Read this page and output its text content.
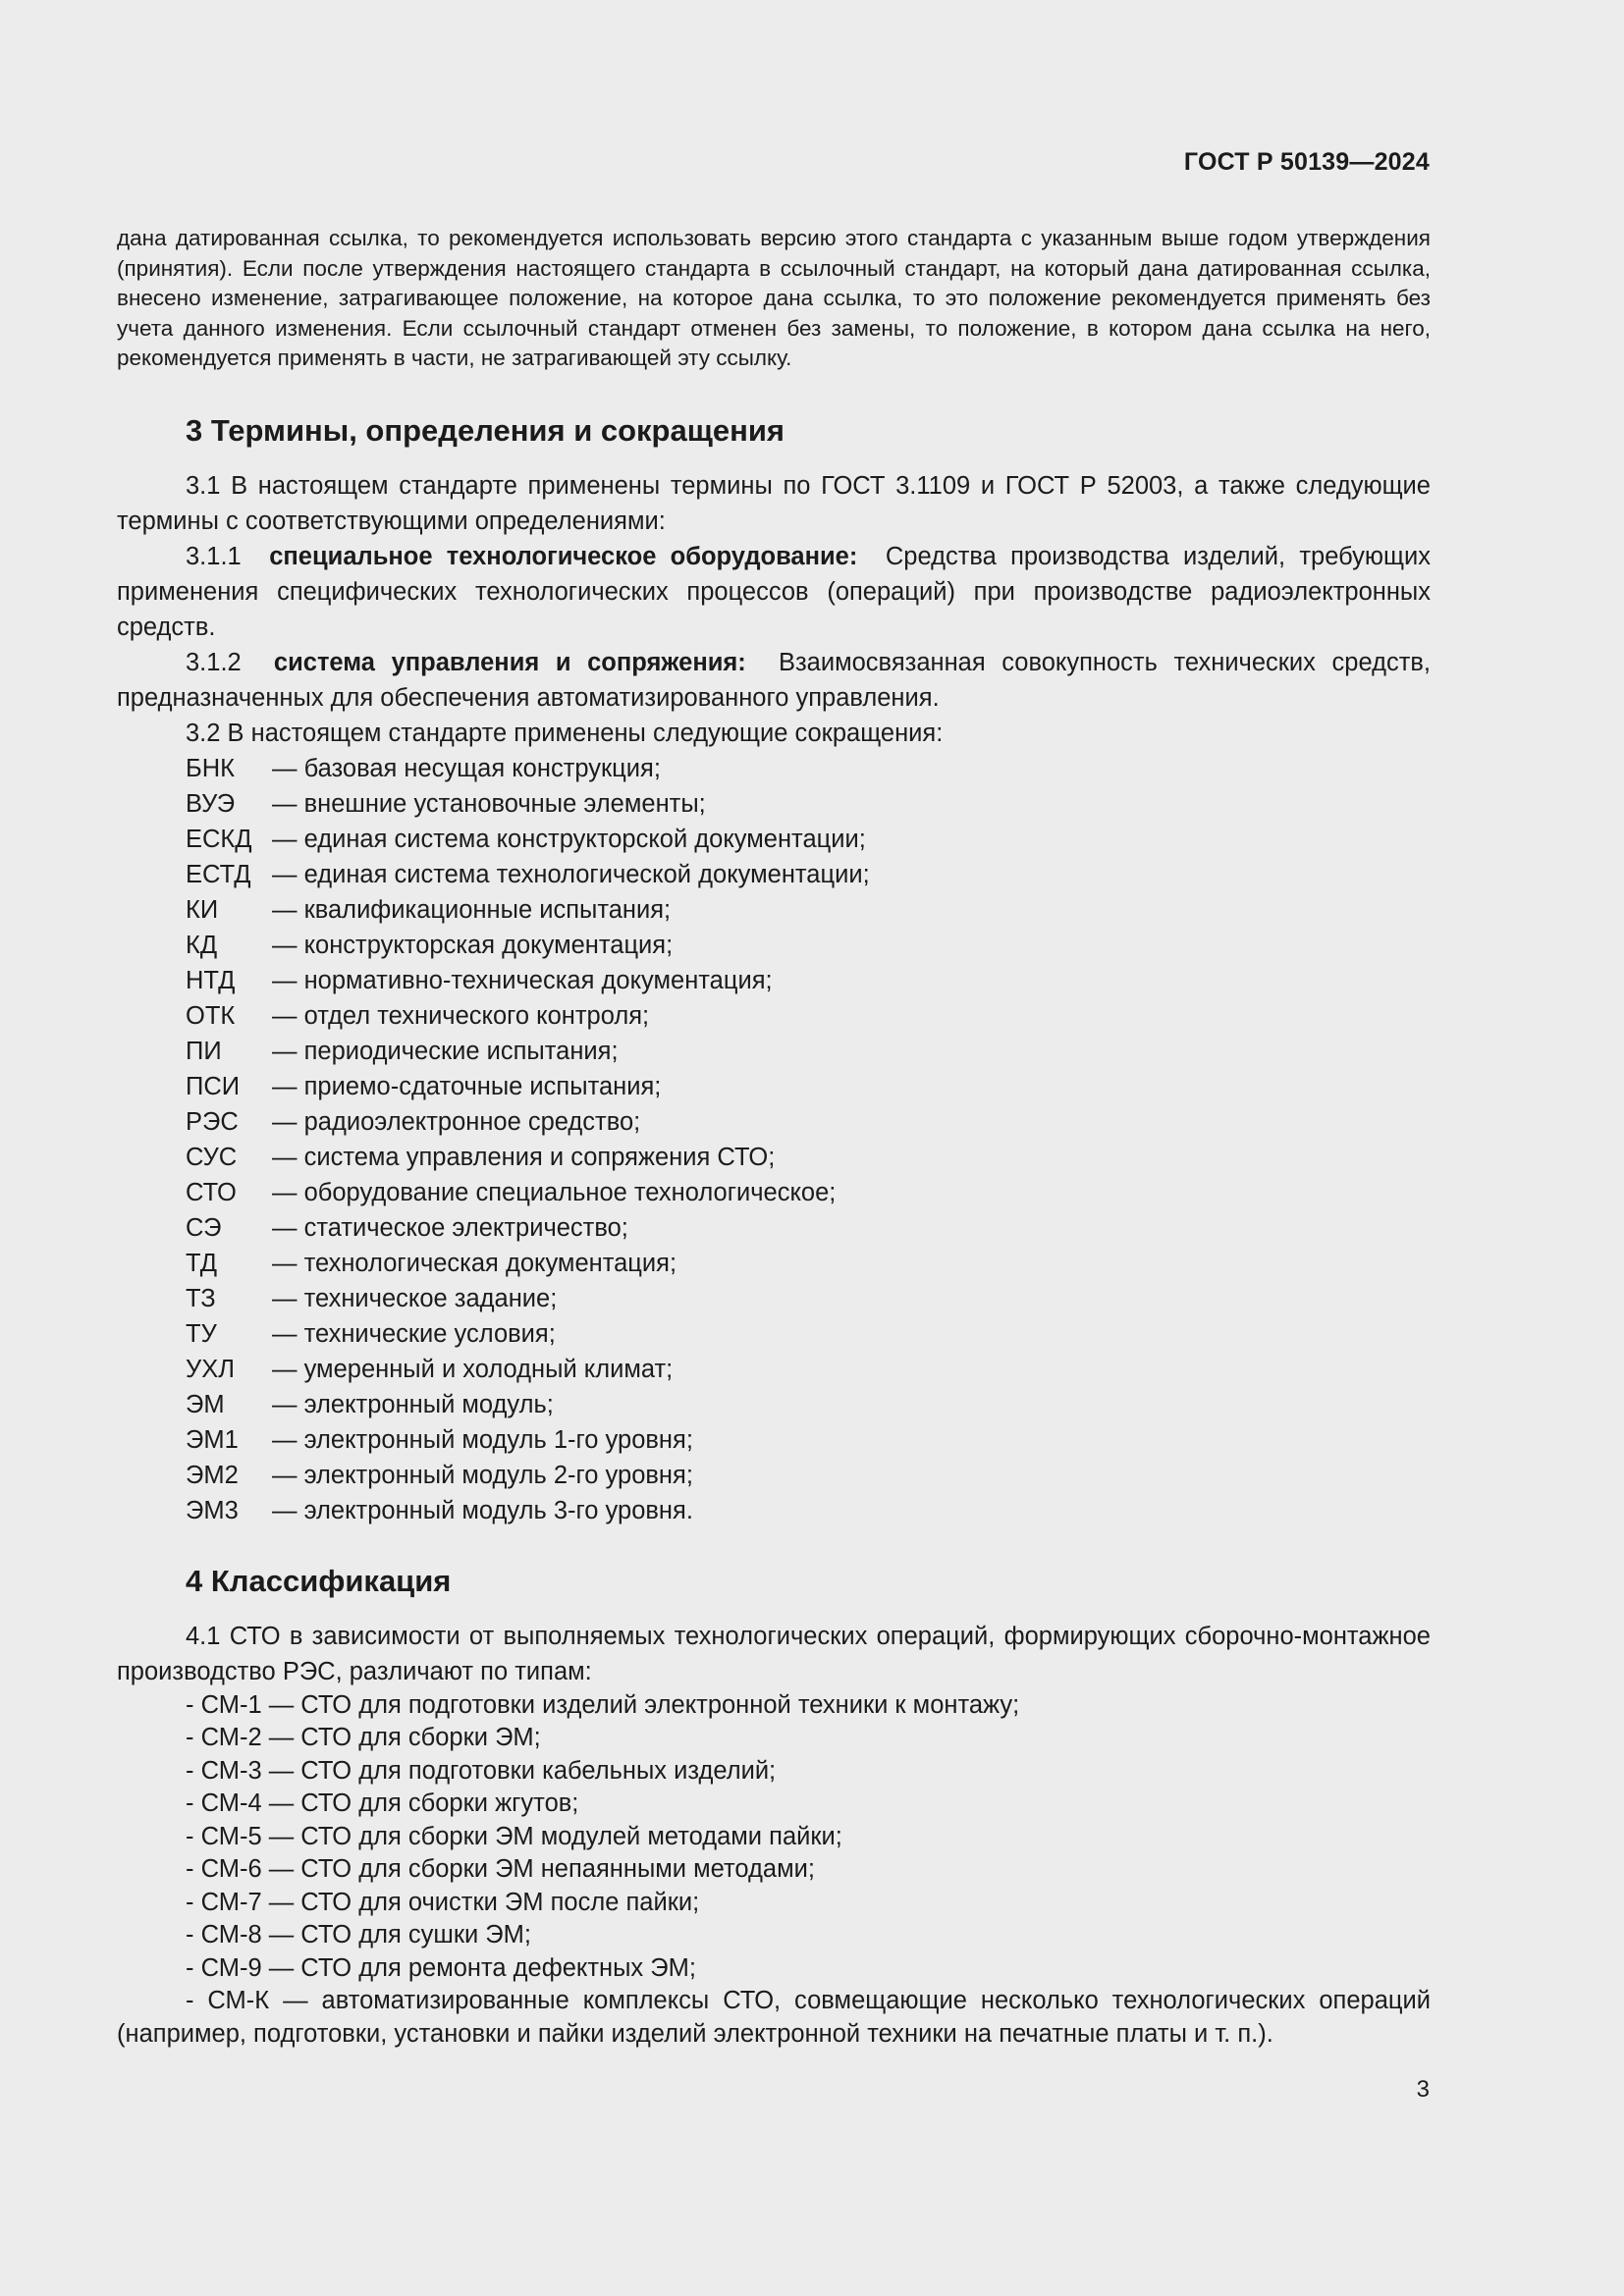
ГОСТ Р 50139—2024
дана датированная ссылка, то рекомендуется использовать версию этого стандарта с указанным выше годом утверждения (принятия). Если после утверждения настоящего стандарта в ссылочный стандарт, на который дана датированная ссылка, внесено изменение, затрагивающее положение, на которое дана ссылка, то это положение рекомендуется применять без учета данного изменения. Если ссылочный стандарт отменен без замены, то положение, в котором дана ссылка на него, рекомендуется применять в части, не затрагивающей эту ссылку.
3 Термины, определения и сокращения

3.1 В настоящем стандарте применены термины по ГОСТ 3.1109 и ГОСТ Р 52003, а также следующие термины с соответствующими определениями:

3.1.1 специальное технологическое оборудование: Средства производства изделий, требующих применения специфических технологических процессов (операций) при производстве радиоэлектронных средств.

3.1.2 система управления и сопряжения: Взаимосвязанная совокупность технических средств, предназначенных для обеспечения автоматизированного управления.

3.2 В настоящем стандарте применены следующие сокращения:

БНК	— базовая несущая конструкция;
ВУЭ	— внешние установочные элементы;
ЕСКД — единая система конструкторской документации;
ЕСТД — единая система технологической документации;
КИ	— квалификационные испытания;
КД	— конструкторская документация;
НТД	— нормативно-техническая документация;
ОТК	— отдел технического контроля;
ПИ	— периодические испытания;
ПСИ	— приемо-сдаточные испытания;
РЭС	— радиоэлектронное средство;
СУС	— система управления и сопряжения СТО;
СТО	— оборудование специальное технологическое;
СЭ	— статическое электричество;
ТД	— технологическая документация;
ТЗ	— техническое задание;
ТУ	— технические условия;
УХЛ	— умеренный и холодный климат;
ЭМ	— электронный модуль;
ЭМ1	— электронный модуль 1-го уровня;
ЭМ2	— электронный модуль 2-го уровня;
ЭМ3	— электронный модуль 3-го уровня.
4 Классификация

4.1 СТО в зависимости от выполняемых технологических операций, формирующих сборочно-монтажное производство РЭС, различают по типам:

- СМ-1 — СТО для подготовки изделий электронной техники к монтажу;
- СМ-2 — СТО для сборки ЭМ;
- СМ-3 — СТО для подготовки кабельных изделий;
- СМ-4 — СТО для сборки жгутов;
- СМ-5 — СТО для сборки ЭМ модулей методами пайки;
- СМ-6 — СТО для сборки ЭМ непаянными методами;
- СМ-7 — СТО для очистки ЭМ после пайки;
- СМ-8 — СТО для сушки ЭМ;
- СМ-9 — СТО для ремонта дефектных ЭМ;
- СМ-К — автоматизированные комплексы СТО, совмещающие несколько технологических операций (например, подготовки, установки и пайки изделий электронной техники на печатные платы и т. п.).
3
